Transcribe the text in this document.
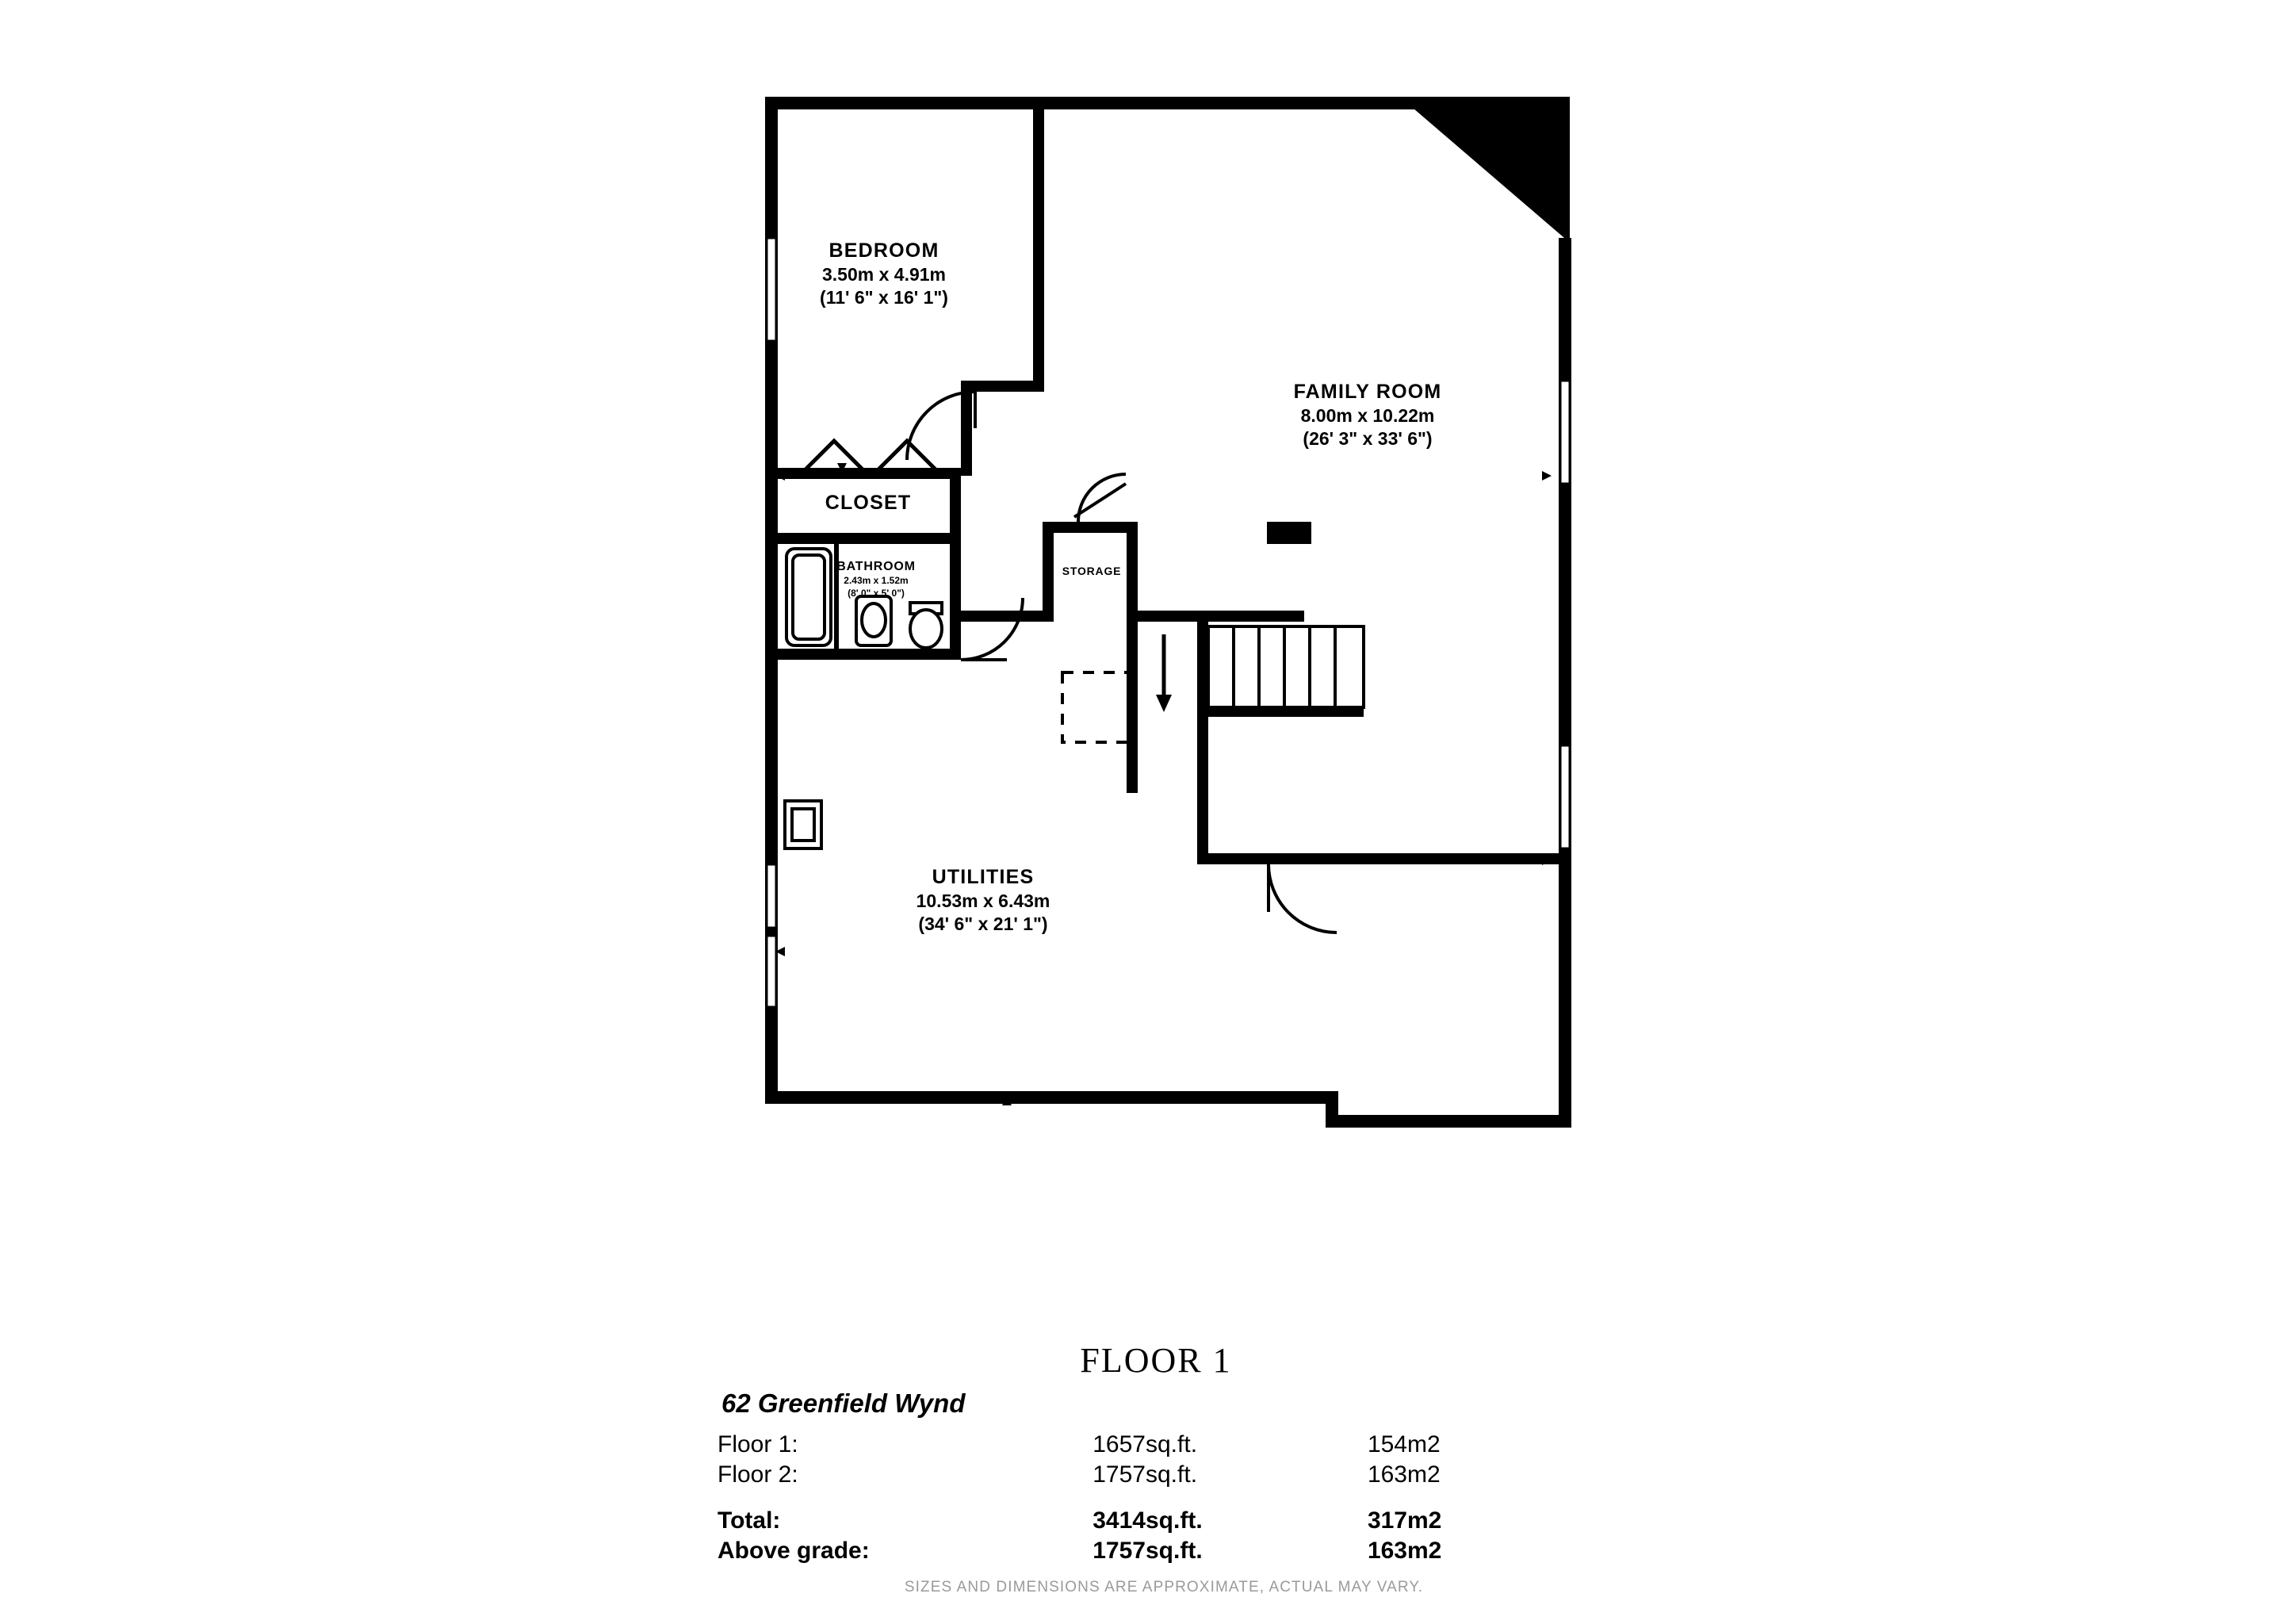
BEDROOM
3.50m x 4.91m
(11' 6" x 16' 1")
FAMILY ROOM
8.00m x 10.22m
(26' 3" x 33' 6")
CLOSET
BATHROOM
2.43m x 1.52m
(8' 0" x 5' 0")
STORAGE
UTILITIES
10.53m x 6.43m
(34' 6" x 21' 1")
FLOOR 1
62 Greenfield Wynd
Floor 1:	1657	sq.ft.	154	m2
Floor 2:	1757	sq.ft.	163	m2
Total:	3414	sq.ft.	317	m2
Above grade:	1757	sq.ft.	163	m2
SIZES AND DIMENSIONS ARE APPROXIMATE, ACTUAL MAY VARY.
